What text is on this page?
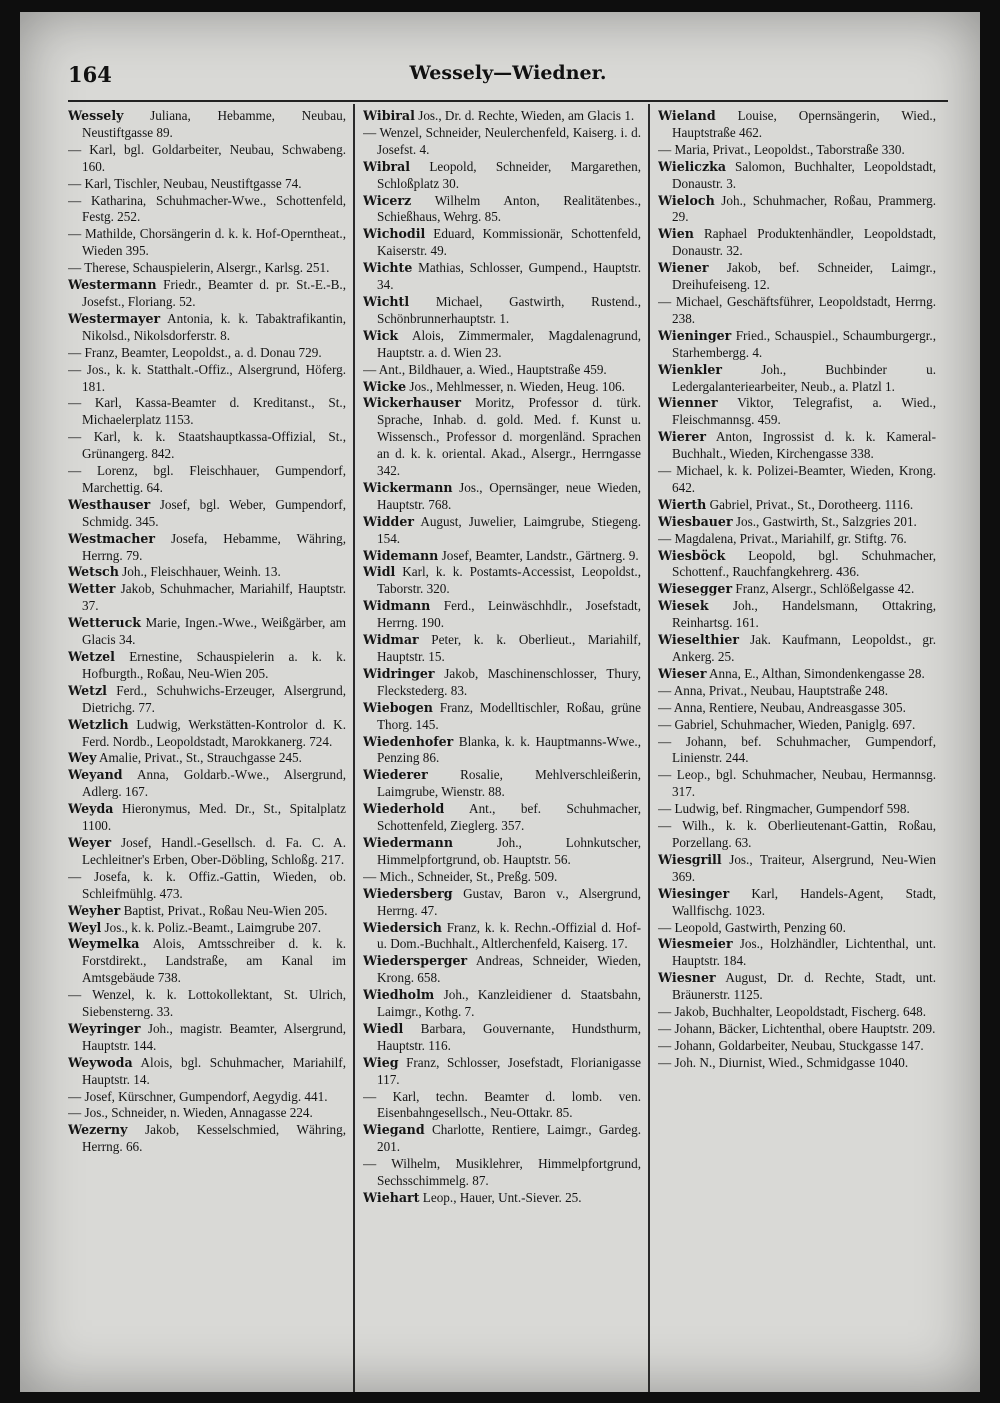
Wessely—Wiedner.
164

Wessely Juliana, Hebamme, Neubau, Neustiftgasse 89.

— Karl, bgl. Goldarbeiter, Neubau, Schwabeng. 160.

— Karl, Tischler, Neubau, Neustiftgasse 74.

— Katharina, Schuhmacher-Wwe., Schottenfeld, Festg. 252.

— Mathilde, Chorsängerin d. k. k. Hof-Operntheat., Wieden 395.

— Therese, Schauspielerin, Alsergr., Karlsg. 251.

Westermann Friedr., Beamter d. pr. St.-E.-B., Josefst., Floriang. 52.

Westermayer Antonia, k. k. Tabaktrafikantin, Nikolsd., Nikolsdorferstr. 8.

— Franz, Beamter, Leopoldst., a. d. Donau 729.

— Jos., k. k. Statthalt.-Offiz., Alsergrund, Höferg. 181.

— Karl, Kassa-Beamter d. Kreditanst., St., Michaelerplatz 1153.

— Karl, k. k. Staatshauptkassa-Offizial, St., Grünangerg. 842.

— Lorenz, bgl. Fleischhauer, Gumpendorf, Marchettig. 64.

Westhauser Josef, bgl. Weber, Gumpendorf, Schmidg. 345.

Westmacher Josefa, Hebamme, Währing, Herrng. 79.

Wetsch Joh., Fleischhauer, Weinh. 13.

Wetter Jakob, Schuhmacher, Mariahilf, Hauptstr. 37.

Wetteruck Marie, Ingen.-Wwe., Weißgärber, am Glacis 34.

Wetzel Ernestine, Schauspielerin a. k. k. Hofburgth., Roßau, Neu-Wien 205.

Wetzl Ferd., Schuhwichs-Erzeuger, Alsergrund, Dietrichg. 77.

Wetzlich Ludwig, Werkstätten-Kontrolor d. K. Ferd. Nordb., Leopoldstadt, Marokkanerg. 724.

Wey Amalie, Privat., St., Strauchgasse 245.

Weyand Anna, Goldarb.-Wwe., Alsergrund, Adlerg. 167.

Weyda Hieronymus, Med. Dr., St., Spitalplatz 1100.

Weyer Josef, Handl.-Gesellsch. d. Fa. C. A. Lechleitner's Erben, Ober-Döbling, Schloßg. 217.

— Josefa, k. k. Offiz.-Gattin, Wieden, ob. Schleifmühlg. 473.

Weyher Baptist, Privat., Roßau Neu-Wien 205.

Weyl Jos., k. k. Poliz.-Beamt., Laimgrube 207.

Weymelka Alois, Amtsschreiber d. k. k. Forstdirekt., Landstraße, am Kanal im Amtsgebäude 738.

— Wenzel, k. k. Lottokollektant, St. Ulrich, Siebensterng. 33.

Weyringer Joh., magistr. Beamter, Alsergrund, Hauptstr. 144.

Weywoda Alois, bgl. Schuhmacher, Mariahilf, Hauptstr. 14.

— Josef, Kürschner, Gumpendorf, Aegydig. 441.

— Jos., Schneider, n. Wieden, Annagasse 224.

Wezerny Jakob, Kesselschmied, Währing, Herrng. 66.

Wibiral Jos., Dr. d. Rechte, Wieden, am Glacis 1.

— Wenzel, Schneider, Neulerchenfeld, Kaiserg. i. d. Josefst. 4.

Wibral Leopold, Schneider, Margarethen, Schloßplatz 30.

Wicerz Wilhelm Anton, Realitätenbes., Schießhaus, Wehrg. 85.

Wichodil Eduard, Kommissionär, Schottenfeld, Kaiserstr. 49.

Wichte Mathias, Schlosser, Gumpend., Hauptstr. 34.

Wichtl Michael, Gastwirth, Rustend., Schönbrunnerhauptstr. 1.

Wick Alois, Zimmermaler, Magdalenagrund, Hauptstr. a. d. Wien 23.

— Ant., Bildhauer, a. Wied., Hauptstraße 459.

Wicke Jos., Mehlmesser, n. Wieden, Heug. 106.

Wickerhauser Moritz, Professor d. türk. Sprache, Inhab. d. gold. Med. f. Kunst u. Wissensch., Professor d. morgenländ. Sprachen an d. k. k. oriental. Akad., Alsergr., Herrngasse 342.

Wickermann Jos., Opernsänger, neue Wieden, Hauptstr. 768.

Widder August, Juwelier, Laimgrube, Stiegeng. 154.

Widemann Josef, Beamter, Landstr., Gärtnerg. 9.

Widl Karl, k. k. Postamts-Accessist, Leopoldst., Taborstr. 320.

Widmann Ferd., Leinwäschhdlr., Josefstadt, Herrng. 190.

Widmar Peter, k. k. Oberlieut., Mariahilf, Hauptstr. 15.

Widringer Jakob, Maschinenschlosser, Thury, Fleckstederg. 83.

Wiebogen Franz, Modelltischler, Roßau, grüne Thorg. 145.

Wiedenhofer Blanka, k. k. Hauptmanns-Wwe., Penzing 86.

Wiederer Rosalie, Mehlverschleißerin, Laimgrube, Wienstr. 88.

Wiederhold Ant., bef. Schuhmacher, Schottenfeld, Zieglerg. 357.

Wiedermann Joh., Lohnkutscher, Himmelpfortgrund, ob. Hauptstr. 56.

— Mich., Schneider, St., Preßg. 509.

Wiedersberg Gustav, Baron v., Alsergrund, Herrng. 47.

Wiedersich Franz, k. k. Rechn.-Offizial d. Hof- u. Dom.-Buchhalt., Altlerchenfeld, Kaiserg. 17.

Wiedersperger Andreas, Schneider, Wieden, Krong. 658.

Wiedholm Joh., Kanzleidiener d. Staatsbahn, Laimgr., Kothg. 7.

Wiedl Barbara, Gouvernante, Hundsthurm, Hauptstr. 116.

Wieg Franz, Schlosser, Josefstadt, Florianigasse 117.

— Karl, techn. Beamter d. lomb. ven. Eisenbahngesellsch., Neu-Ottakr. 85.

Wiegand Charlotte, Rentiere, Laimgr., Gardeg. 201.

— Wilhelm, Musiklehrer, Himmelpfortgrund, Sechsschimmelg. 87.

Wiehart Leop., Hauer, Unt.-Siever. 25.

Wieland Louise, Opernsängerin, Wied., Hauptstraße 462.

— Maria, Privat., Leopoldst., Taborstraße 330.

Wieliczka Salomon, Buchhalter, Leopoldstadt, Donaustr. 3.

Wieloch Joh., Schuhmacher, Roßau, Prammerg. 29.

Wien Raphael Produktenhändler, Leopoldstadt, Donaustr. 32.

Wiener Jakob, bef. Schneider, Laimgr., Dreihufeiseng. 12.

— Michael, Geschäftsführer, Leopoldstadt, Herrng. 238.

Wieninger Fried., Schauspiel., Schaumburgergr., Starhembergg. 4.

Wienkler Joh., Buchbinder u. Ledergalanteriearbeiter, Neub., a. Platzl 1.

Wienner Viktor, Telegrafist, a. Wied., Fleischmannsg. 459.

Wierer Anton, Ingrossist d. k. k. Kameral-Buchhalt., Wieden, Kirchengasse 338.

— Michael, k. k. Polizei-Beamter, Wieden, Krong. 642.

Wierth Gabriel, Privat., St., Dorotheerg. 1116.

Wiesbauer Jos., Gastwirth, St., Salzgries 201.

— Magdalena, Privat., Mariahilf, gr. Stiftg. 76.

Wiesböck Leopold, bgl. Schuhmacher, Schottenf., Rauchfangkehrerg. 436.

Wiesegger Franz, Alsergr., Schlößelgasse 42.

Wiesek Joh., Handelsmann, Ottakring, Reinhartsg. 161.

Wieselthier Jak. Kaufmann, Leopoldst., gr. Ankerg. 25.

Wieser Anna, E., Althan, Simondenkengasse 28.

— Anna, Privat., Neubau, Hauptstraße 248.

— Anna, Rentiere, Neubau, Andreasgasse 305.

— Gabriel, Schuhmacher, Wieden, Paniglg. 697.

— Johann, bef. Schuhmacher, Gumpendorf, Linienstr. 244.

— Leop., bgl. Schuhmacher, Neubau, Hermannsg. 317.

— Ludwig, bef. Ringmacher, Gumpendorf 598.

— Wilh., k. k. Oberlieutenant-Gattin, Roßau, Porzellang. 63.

Wiesgrill Jos., Traiteur, Alsergrund, Neu-Wien 369.

Wiesinger Karl, Handels-Agent, Stadt, Wallfischg. 1023.

— Leopold, Gastwirth, Penzing 60.

Wiesmeier Jos., Holzhändler, Lichtenthal, unt. Hauptstr. 184.

Wiesner August, Dr. d. Rechte, Stadt, unt. Bräunerstr. 1125.

— Jakob, Buchhalter, Leopoldstadt, Fischerg. 648.

— Johann, Bäcker, Lichtenthal, obere Hauptstr. 209.

— Johann, Goldarbeiter, Neubau, Stuckgasse 147.

— Joh. N., Diurnist, Wied., Schmidgasse 1040.
